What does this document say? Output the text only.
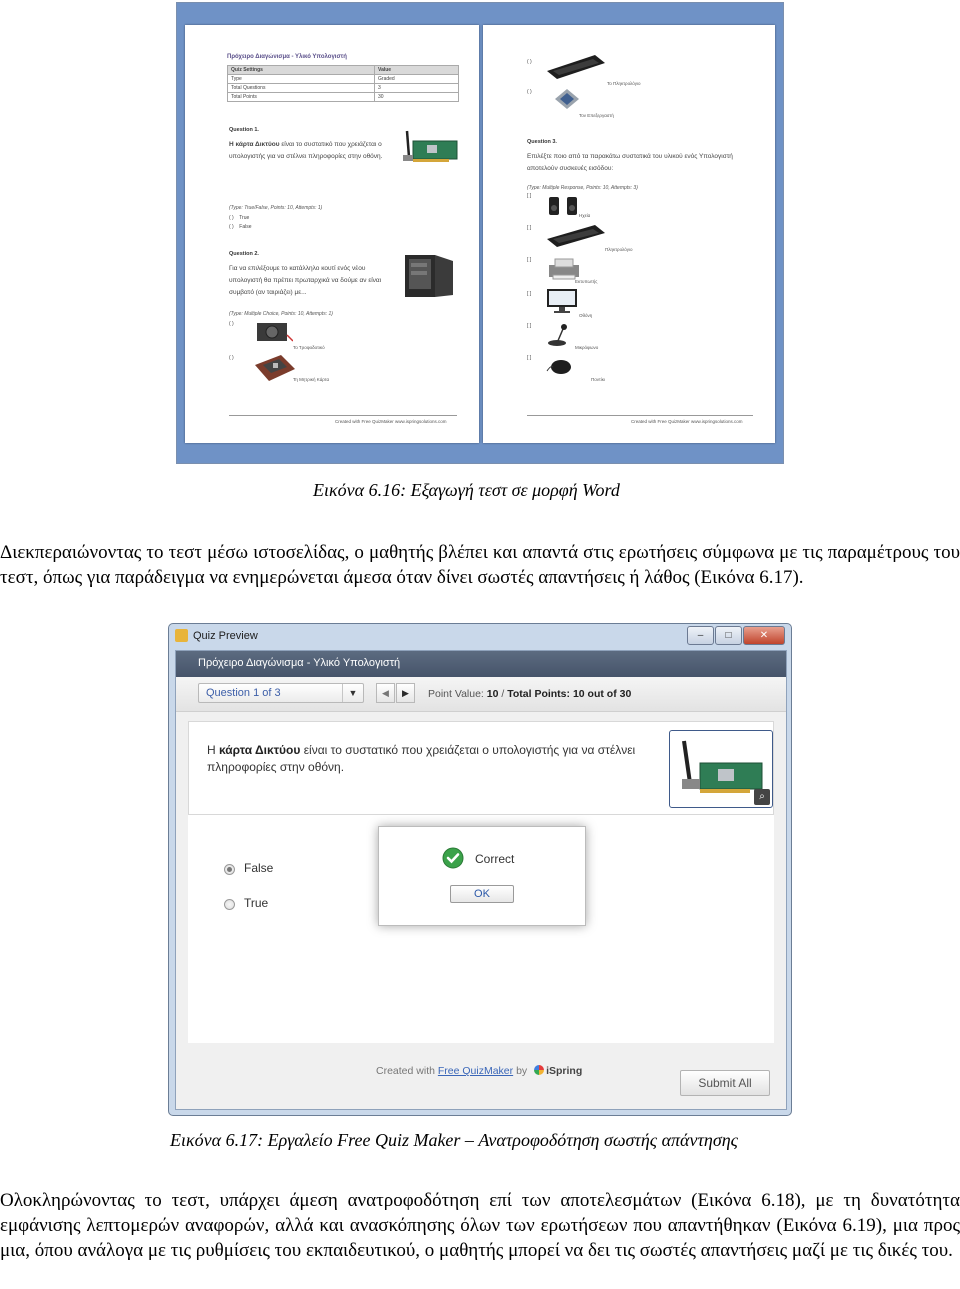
Πρόχειρο Διαγώνισμα - Υλικό Υπολογιστή
Quiz Settings	Value
Type	Graded
Total Questions	3
Total Points	30
Question 1.
Η κάρτα Δικτύου είναι το συστατικό που χρειάζεται ο υπολογιστής για να στέλνει πληροφορίες στην οθόνη.
(Type: True/False, Points: 10, Attempts: 1)
( )    True
( )    False
Question 2.
Για να επιλέξουμε το κατάλληλο κουτί ενός νέου υπολογιστή θα πρέπει πρωταρχικά να δούμε αν είναι συμβατό (αν ταιριάζει) με...
(Type: Multiple Choice, Points: 10, Attempts: 1)
( )
Το Τροφοδοτικό
( )
Τη Μητρική Κάρτα
Created with Free QuizMaker www.ispringsolutions.com
( )
Το Πληκτρολόγιο
( )
Τον Επεξεργαστή
Question 3.
Επιλέξτε ποιο από τα παρακάτω συστατικά του υλικού ενός Υπολογιστή αποτελούν συσκευές εισόδου:
(Type: Multiple Response, Points: 10, Attempts: 3)
[ ]
Ηχεία
[ ]
Πληκτρολόγιο
[ ]
Εκτυπωτής
[ ]
Οθόνη
[ ]
Μικρόφωνο
[ ]
Ποντίκι
Created with Free QuizMaker www.ispringsolutions.com
Εικόνα 6.16: Εξαγωγή τεστ σε μορφή Word
Διεκπεραιώνοντας το τεστ μέσω ιστοσελίδας, ο μαθητής βλέπει και απαντά στις ερωτήσεις σύμφωνα με τις παραμέτρους του τεστ, όπως για παράδειγμα να ενημερώνεται άμεσα όταν δίνει σωστές απαντήσεις ή λάθος (Εικόνα 6.17).
Quiz Preview	–	□	✕
Πρόχειρο Διαγώνισμα - Υλικό Υπολογιστή
Question 1 of 3	▼	◀	▶	Point Value: 10 / Total Points: 10 out of 30
Η κάρτα Δικτύου είναι το συστατικό που χρειάζεται ο υπολογιστής για να στέλνει πληροφορίες στην οθόνη.
⌕
False
True
Correct
OK
Created with Free QuizMaker by iSpring
Submit All
Εικόνα 6.17: Εργαλείο Free Quiz Maker – Ανατροφοδότηση σωστής απάντησης
Ολοκληρώνοντας το τεστ, υπάρχει άμεση ανατροφοδότηση επί των αποτελεσμάτων (Εικόνα 6.18), με τη δυνατότητα εμφάνισης λεπτομερών αναφορών, αλλά και ανασκόπησης όλων των ερωτήσεων που απαντήθηκαν (Εικόνα 6.19), μια προς μια, όπου ανάλογα με τις ρυθμίσεις του εκπαιδευτικού, ο μαθητής μπορεί να δει τις σωστές απαντήσεις μαζί με τις δικές του.
